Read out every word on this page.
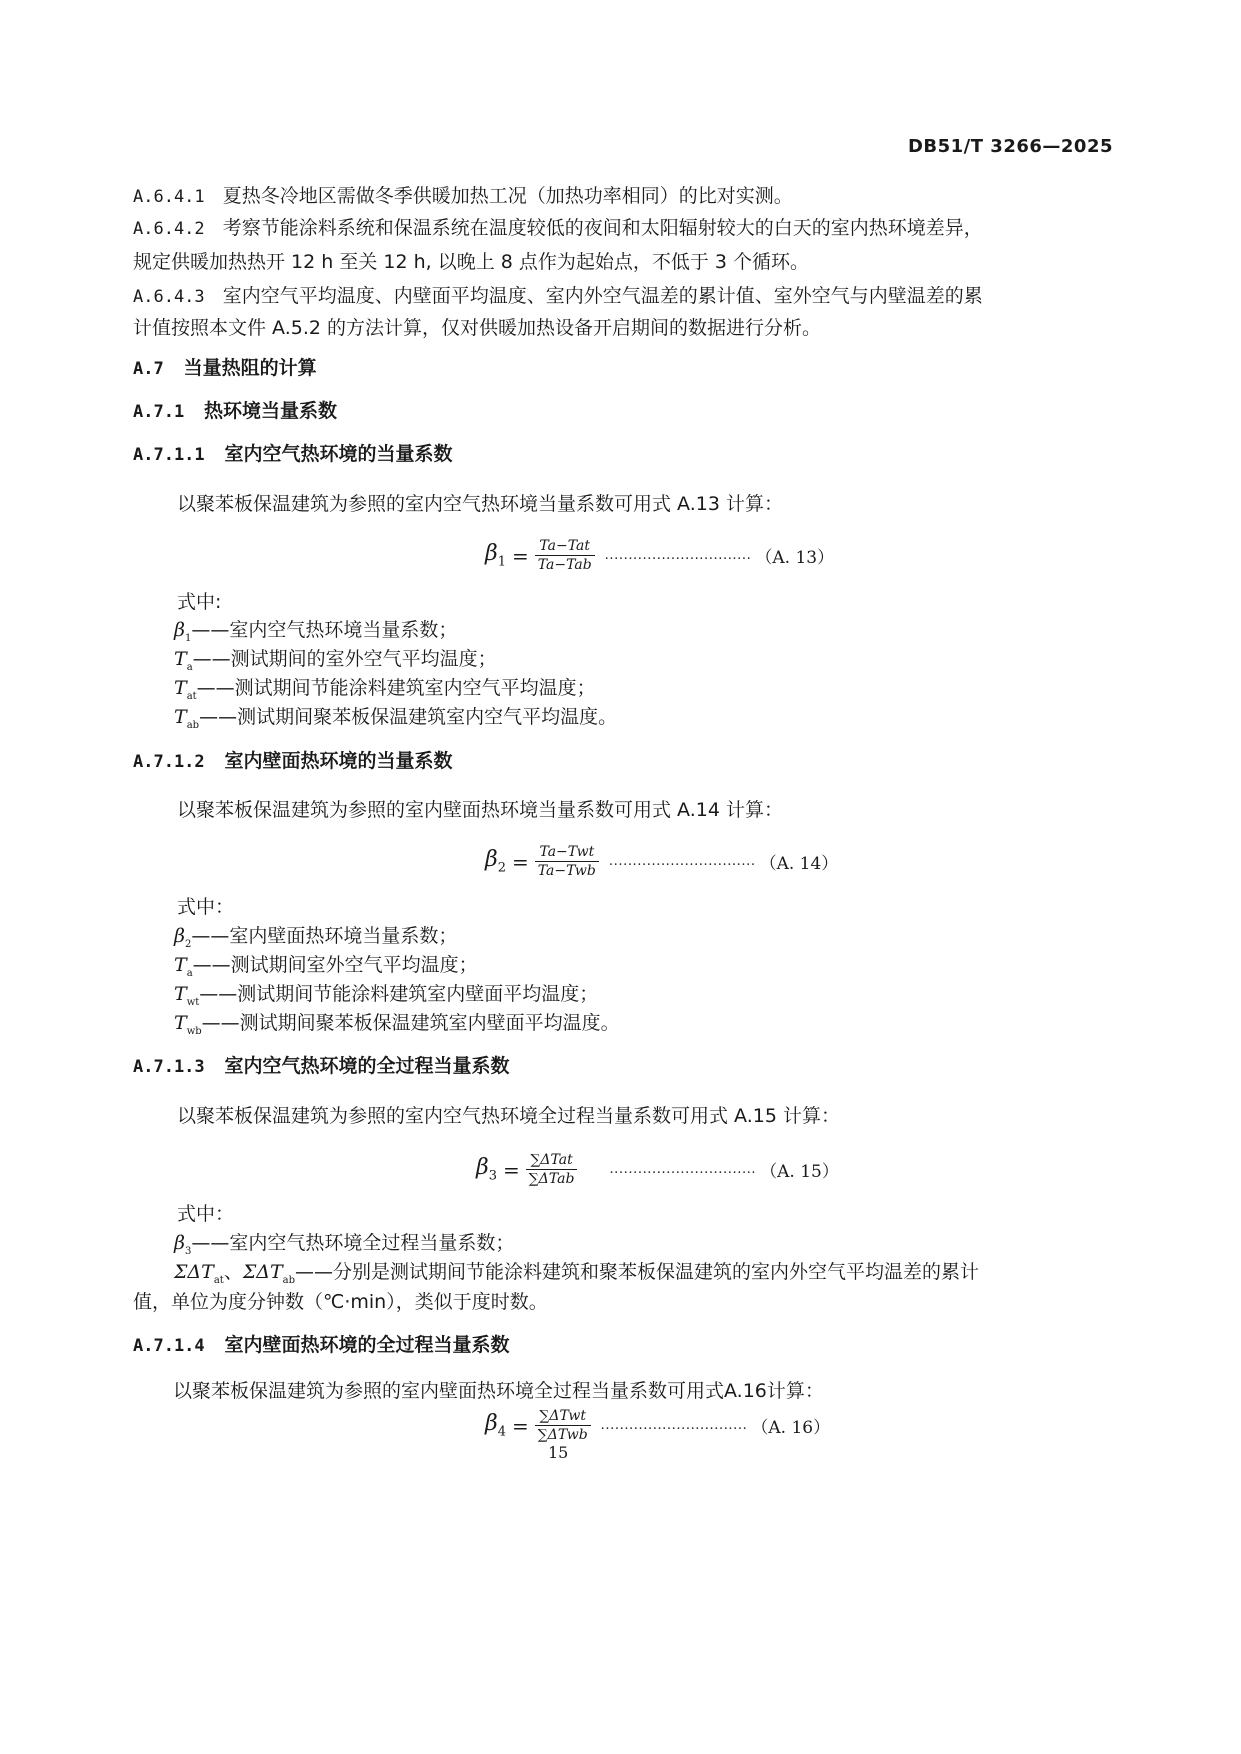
DB51/T 3266—2025
A.6.4.1 夏热冬冷地区需做冬季供暖加热工况（加热功率相同）的比对实测。
A.6.4.2 考察节能涂料系统和保温系统在温度较低的夜间和太阳辐射较大的白天的室内热环境差异，
规定供暖加热热开 12 h 至关 12 h, 以晚上 8 点作为起始点，不低于 3 个循环。
A.6.4.3 室内空气平均温度、内壁面平均温度、室内外空气温差的累计值、室外空气与内壁温差的累
计值按照本文件 A.5.2 的方法计算，仅对供暖加热设备开启期间的数据进行分析。
A.7 当量热阻的计算
A.7.1 热环境当量系数
A.7.1.1 室内空气热环境的当量系数
以聚苯板保温建筑为参照的室内空气热环境当量系数可用式 A.13 计算：
$\beta_1 = \frac{\text{Ta−Tat}}{\text{Ta−Tab}}$ ............................... （A. 13）
式中:
$\beta_1——$室内空气热环境当量系数；
$T_a——$测试期间的室外空气平均温度；
$T_{at}——$测试期间节能涂料建筑室内空气平均温度；
$T_{ab}——$测试期间聚苯板保温建筑室内空气平均温度。
A.7.1.2 室内壁面热环境的当量系数
以聚苯板保温建筑为参照的室内壁面热环境当量系数可用式 A.14 计算：
$\beta_2 = \frac{\text{Ta−Twt}}{\text{Ta−Twb}}$ ............................... （A. 14）
式中：
$\beta_2——$室内壁面热环境当量系数；
$T_a——$测试期间室外空气平均温度；
$T_{wt}——$测试期间节能涂料建筑室内壁面平均温度；
$T_{wb}——$测试期间聚苯板保温建筑室内壁面平均温度。
A.7.1.3 室内空气热环境的全过程当量系数
以聚苯板保温建筑为参照的室内空气热环境全过程当量系数可用式 A.15 计算：
$\beta_3 = \frac{\text{∑ΔTat}}{\text{∑ΔTab}}$ ............................... （A. 15）
式中：
$\beta_3——$室内空气热环境全过程当量系数；
$\Sigma\Delta T_{at}$、$\Sigma\Delta T_{ab}——$分别是测试期间节能涂料建筑和聚苯板保温建筑的室内外空气平均温差的累计
值，单位为度分钟数（℃·min），类似于度时数。
A.7.1.4 室内壁面热环境的全过程当量系数
以聚苯板保温建筑为参照的室内壁面热环境全过程当量系数可用式A.16计算：
$\beta_4 = \frac{\text{∑ΔTwt}}{\text{∑ΔTwb}}$ ............................... （A. 16）
15
